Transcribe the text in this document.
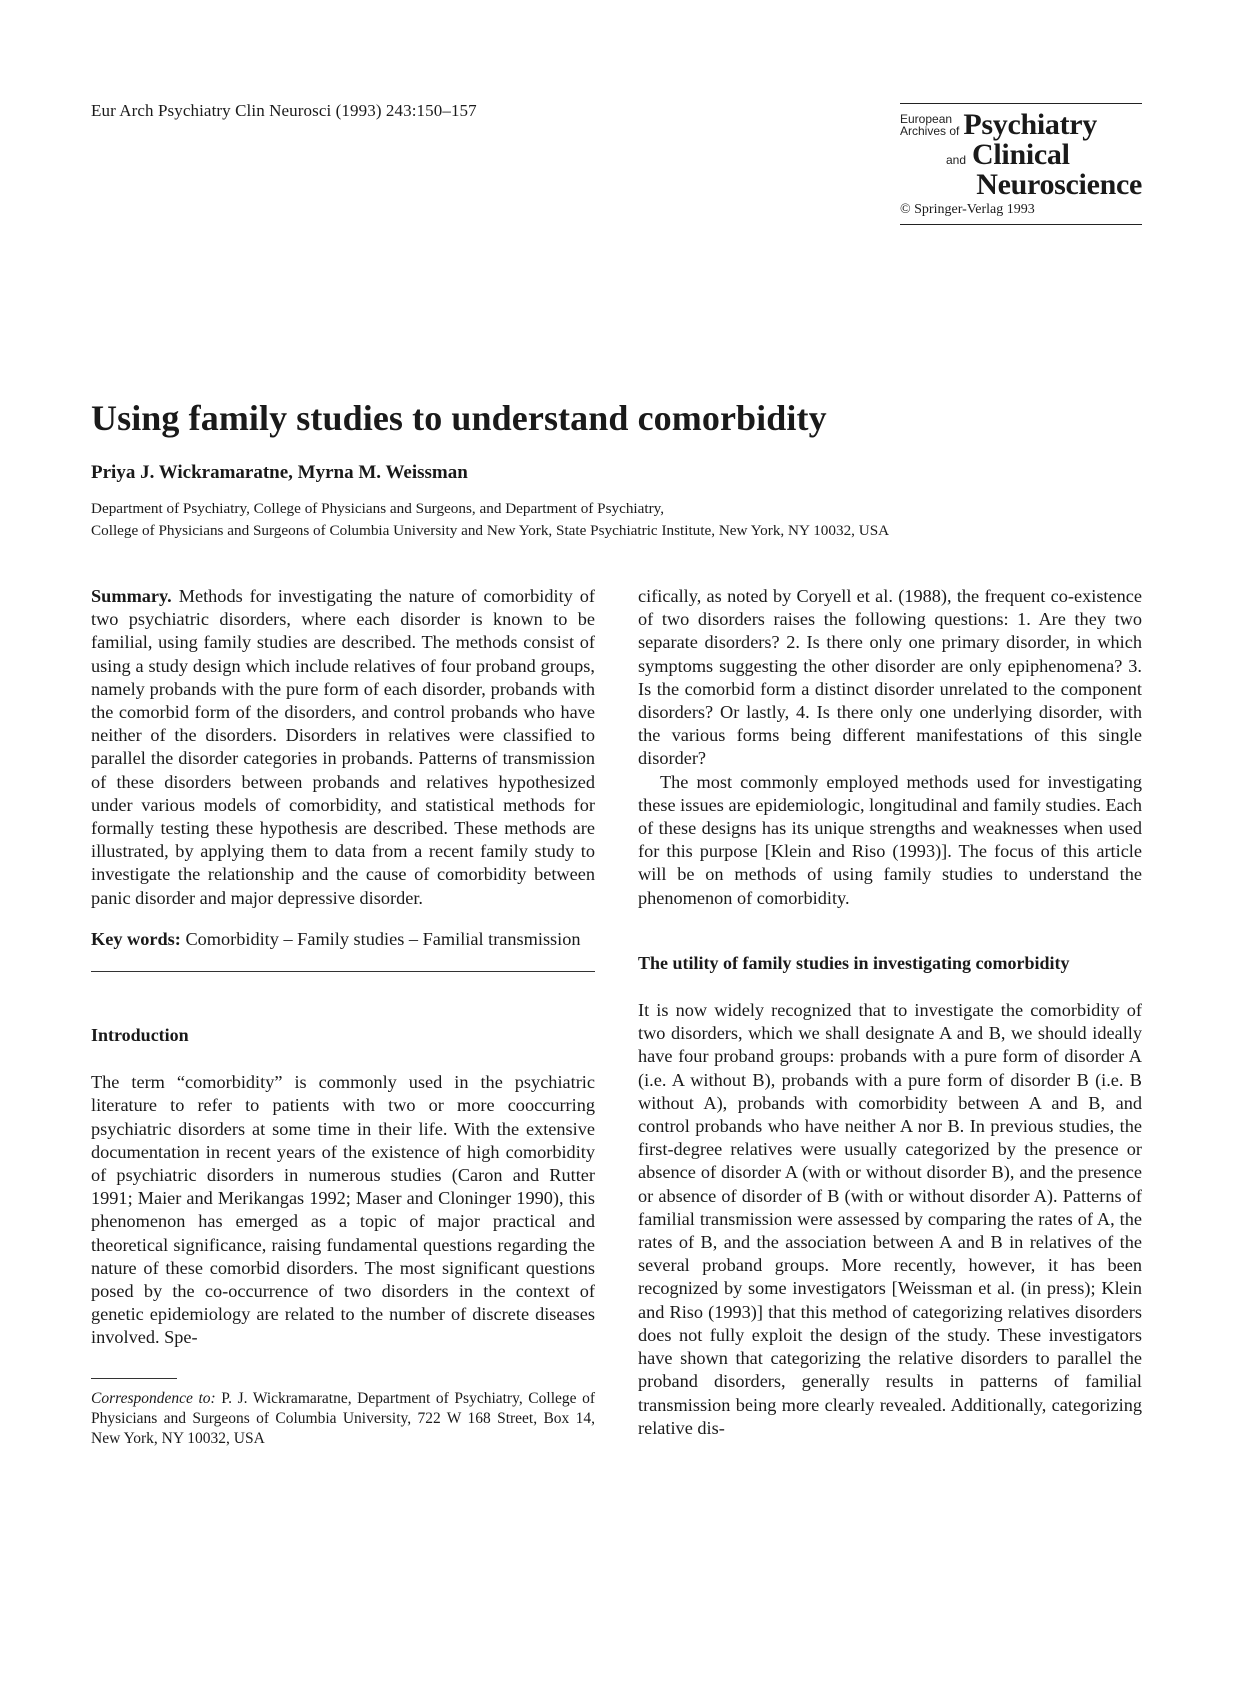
Eur Arch Psychiatry Clin Neurosci (1993) 243:150–157	European
Archives of Psychiatry
and Clinical
Neuroscience
© Springer-Verlag 1993
Using family studies to understand comorbidity
Priya J. Wickramaratne, Myrna M. Weissman
Department of Psychiatry, College of Physicians and Surgeons, and Department of Psychiatry,
College of Physicians and Surgeons of Columbia University and New York, State Psychiatric Institute, New York, NY 10032, USA

Summary. Methods for investigating the nature of comorbidity of two psychiatric disorders, where each disorder is known to be familial, using family studies are described. The methods consist of using a study design which include relatives of four proband groups, namely probands with the pure form of each disorder, probands with the comorbid form of the disorders, and control probands who have neither of the disorders. Disorders in relatives were classified to parallel the disorder categories in probands. Patterns of transmission of these disorders between probands and relatives hypothesized under various models of comorbidity, and statistical methods for formally testing these hypothesis are described. These methods are illustrated, by applying them to data from a recent family study to investigate the relationship and the cause of comorbidity between panic disorder and major depressive disorder.

Key words: Comorbidity – Family studies – Familial transmission

Introduction

The term “comorbidity” is commonly used in the psychiatric literature to refer to patients with two or more cooccurring psychiatric disorders at some time in their life. With the extensive documentation in recent years of the existence of high comorbidity of psychiatric disorders in numerous studies (Caron and Rutter 1991; Maier and Merikangas 1992; Maser and Cloninger 1990), this phenomenon has emerged as a topic of major practical and theoretical significance, raising fundamental questions regarding the nature of these comorbid disorders. The most significant questions posed by the co-occurrence of two disorders in the context of genetic epidemiology are related to the number of discrete diseases involved. Spe-

Correspondence to: P. J. Wickramaratne, Department of Psychiatry, College of Physicians and Surgeons of Columbia University, 722 W 168 Street, Box 14, New York, NY 10032, USA

cifically, as noted by Coryell et al. (1988), the frequent co-existence of two disorders raises the following questions: 1. Are they two separate disorders? 2. Is there only one primary disorder, in which symptoms suggesting the other disorder are only epiphenomena? 3. Is the comorbid form a distinct disorder unrelated to the component disorders? Or lastly, 4. Is there only one underlying disorder, with the various forms being different manifestations of this single disorder?

The most commonly employed methods used for investigating these issues are epidemiologic, longitudinal and family studies. Each of these designs has its unique strengths and weaknesses when used for this purpose [Klein and Riso (1993)]. The focus of this article will be on methods of using family studies to understand the phenomenon of comorbidity.

The utility of family studies in investigating comorbidity

It is now widely recognized that to investigate the comorbidity of two disorders, which we shall designate A and B, we should ideally have four proband groups: probands with a pure form of disorder A (i.e. A without B), probands with a pure form of disorder B (i.e. B without A), probands with comorbidity between A and B, and control probands who have neither A nor B. In previous studies, the first-degree relatives were usually categorized by the presence or absence of disorder A (with or without disorder B), and the presence or absence of disorder of B (with or without disorder A). Patterns of familial transmission were assessed by comparing the rates of A, the rates of B, and the association between A and B in relatives of the several proband groups. More recently, however, it has been recognized by some investigators [Weissman et al. (in press); Klein and Riso (1993)] that this method of categorizing relatives disorders does not fully exploit the design of the study. These investigators have shown that categorizing the relative disorders to parallel the proband disorders, generally results in patterns of familial transmission being more clearly revealed. Additionally, categorizing relative dis-
